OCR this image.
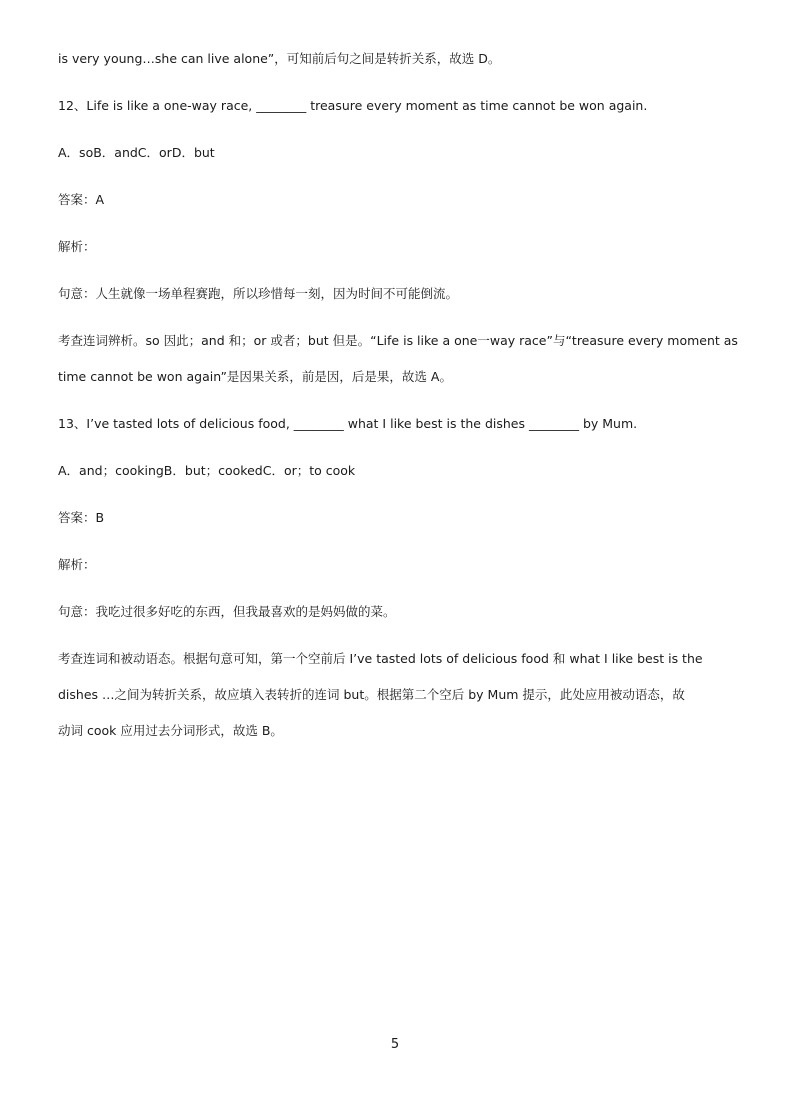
is very young…she can live alone”，可知前后句之间是转折关系，故选 D。
12、Life is like a one-way race, ________ treasure every moment as time cannot be won again.
A．soB．andC．orD．but
答案：A
解析：
句意：人生就像一场单程赛跑，所以珍惜每一刻，因为时间不可能倒流。
考查连词辨析。so 因此；and 和；or 或者；but 但是。“Life is like a one一way race”与“treasure every moment as
time cannot be won again”是因果关系，前是因，后是果，故选 A。
13、I’ve tasted lots of delicious food, ________ what I like best is the dishes ________ by Mum.
A．and；cookingB．but；cookedC．or；to cook
答案：B
解析：
句意：我吃过很多好吃的东西，但我最喜欢的是妈妈做的菜。
考查连词和被动语态。根据句意可知，第一个空前后 I’ve tasted lots of delicious food 和 what I like best is the
dishes …之间为转折关系，故应填入表转折的连词 but。根据第二个空后 by Mum 提示，此处应用被动语态，故
动词 cook 应用过去分词形式，故选 B。
5
